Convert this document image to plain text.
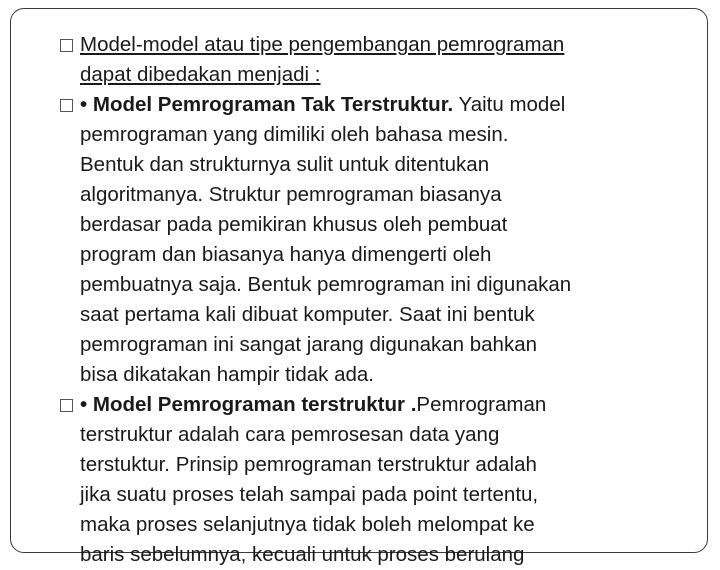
Model-model atau tipe pengembangan pemrograman
dapat dibedakan menjadi :
• Model Pemrograman Tak Terstruktur. Yaitu model
pemrograman yang dimiliki oleh bahasa mesin.
Bentuk dan strukturnya sulit untuk ditentukan
algoritmanya. Struktur pemrograman biasanya
berdasar pada pemikiran khusus oleh pembuat
program dan biasanya hanya dimengerti oleh
pembuatnya saja. Bentuk pemrograman ini digunakan
saat pertama kali dibuat komputer. Saat ini bentuk
pemrograman ini sangat jarang digunakan bahkan
bisa dikatakan hampir tidak ada.
• Model Pemrograman terstruktur .Pemrograman
terstruktur adalah cara pemrosesan data yang
terstuktur. Prinsip pemrograman terstruktur adalah
jika suatu proses telah sampai pada point tertentu,
maka proses selanjutnya tidak boleh melompat ke
baris sebelumnya, kecuali untuk proses berulang
